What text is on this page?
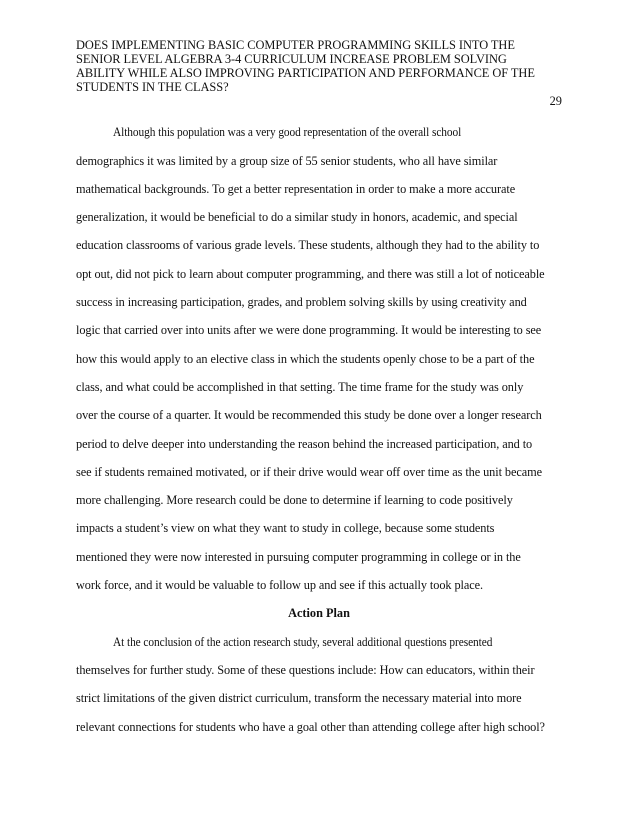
DOES IMPLEMENTING BASIC COMPUTER PROGRAMMING SKILLS INTO THE
SENIOR LEVEL ALGEBRA 3-4 CURRICULUM INCREASE PROBLEM SOLVING
ABILITY WHILE ALSO IMPROVING PARTICIPATION AND PERFORMANCE OF THE
STUDENTS IN THE CLASS?
29
Although this population was a very good representation of the overall school
demographics it was limited by a group size of 55 senior students, who all have similar
mathematical backgrounds. To get a better representation in order to make a more accurate
generalization, it would be beneficial to do a similar study in honors, academic, and special
education classrooms of various grade levels. These students, although they had to the ability to
opt out, did not pick to learn about computer programming, and there was still a lot of noticeable
success in increasing participation, grades, and problem solving skills by using creativity and
logic that carried over into units after we were done programming. It would be interesting to see
how this would apply to an elective class in which the students openly chose to be a part of the
class, and what could be accomplished in that setting. The time frame for the study was only
over the course of a quarter. It would be recommended this study be done over a longer research
period to delve deeper into understanding the reason behind the increased participation, and to
see if students remained motivated, or if their drive would wear off over time as the unit became
more challenging. More research could be done to determine if learning to code positively
impacts a student’s view on what they want to study in college, because some students
mentioned they were now interested in pursuing computer programming in college or in the
work force, and it would be valuable to follow up and see if this actually took place.
Action Plan
At the conclusion of the action research study, several additional questions presented
themselves for further study. Some of these questions include: How can educators, within their
strict limitations of the given district curriculum, transform the necessary material into more
relevant connections for students who have a goal other than attending college after high school?
